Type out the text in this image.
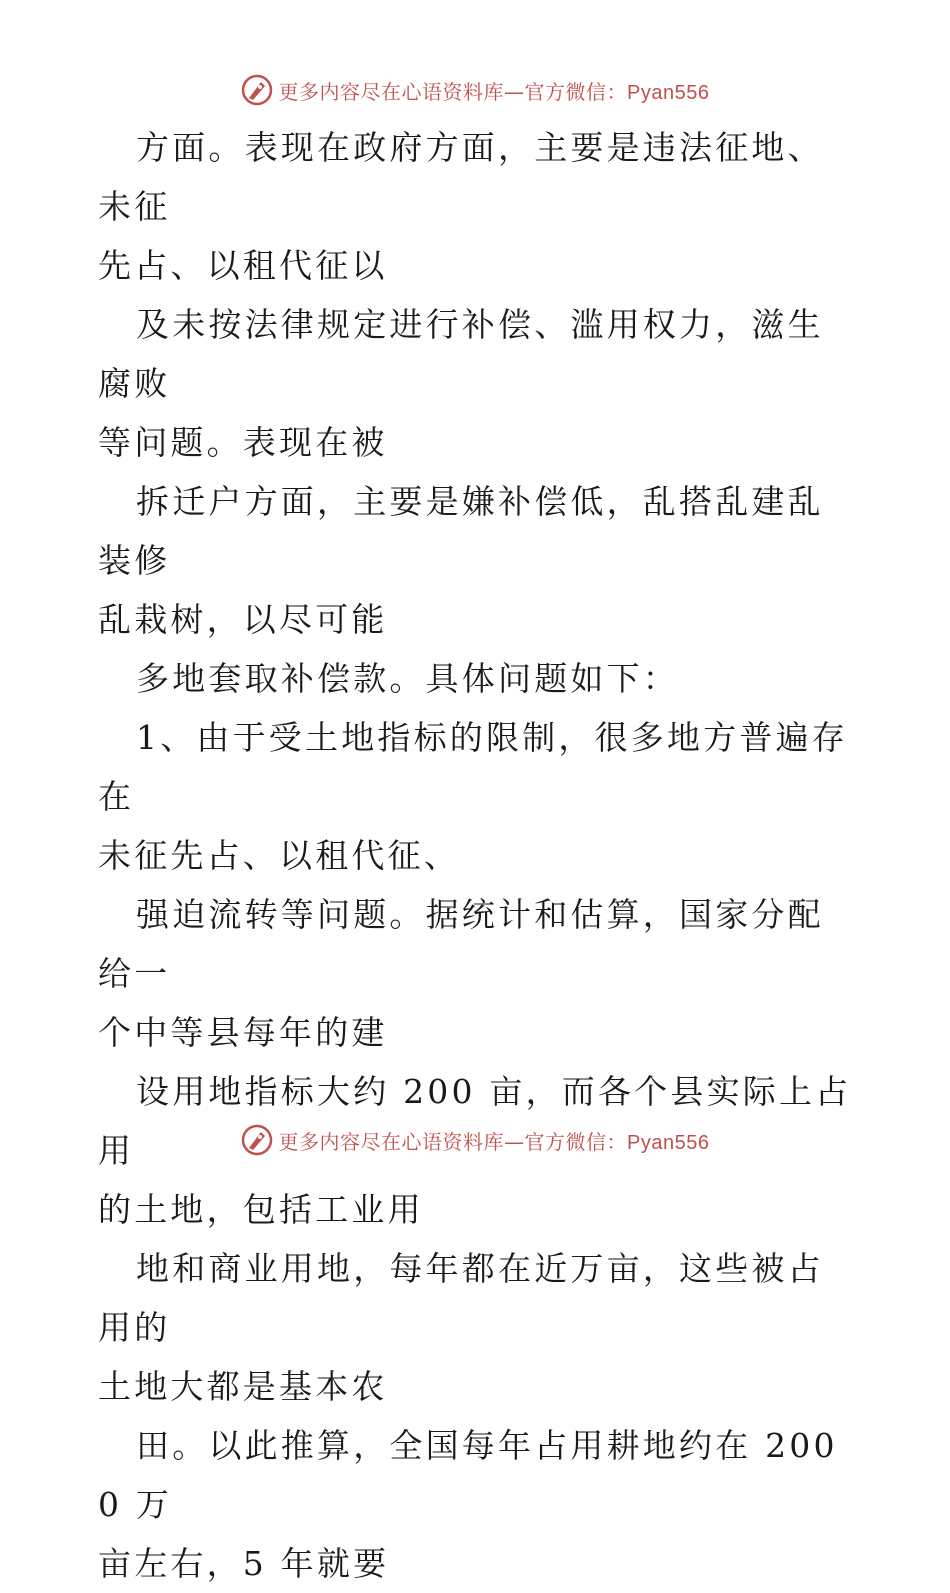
更多内容尽在心语资料库—官方微信：Pyan556

方面。表现在政府方面，主要是违法征地、未征
先占、以租代征以

及未按法律规定进行补偿、滥用权力，滋生腐败
等问题。表现在被

拆迁户方面，主要是嫌补偿低，乱搭乱建乱装修
乱栽树，以尽可能

多地套取补偿款。具体问题如下：

1、由于受土地指标的限制，很多地方普遍存在
未征先占、以租代征、

强迫流转等问题。据统计和估算，国家分配给一
个中等县每年的建

设用地指标大约 200 亩，而各个县实际上占用
的土地，包括工业用

地和商业用地，每年都在近万亩，这些被占用的
土地大都是基本农

田。以此推算，全国每年占用耕地约在 2000 万
亩左右，5 年就要

更多内容尽在心语资料库—官方微信：Pyan556
